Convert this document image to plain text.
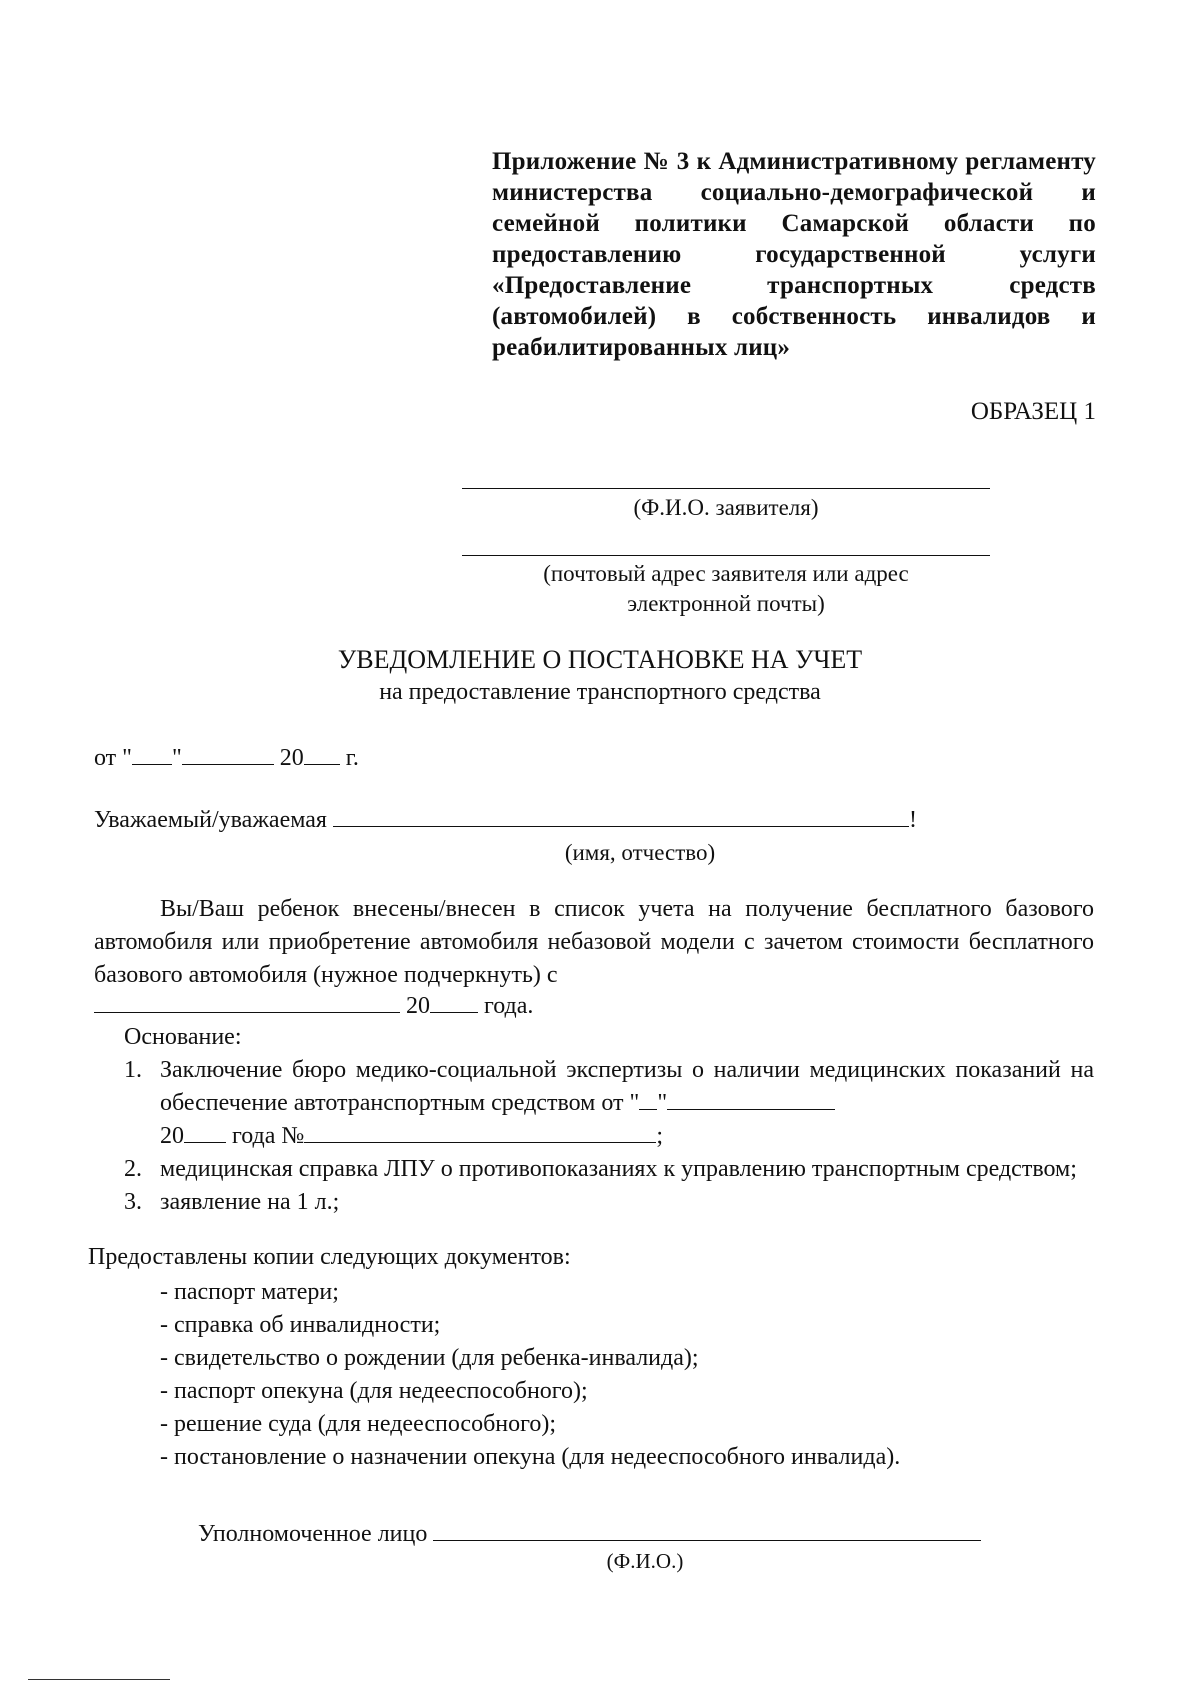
Приложение № 3 к Административному регламенту министерства социально-демографической и семейной политики Самарской области по предоставлению государственной услуги «Предоставление транспортных средств (автомобилей) в собственность инвалидов и реабилитированных лиц»
ОБРАЗЕЦ 1
(Ф.И.О. заявителя)
(почтовый адрес заявителя или адрес
электронной почты)
УВЕДОМЛЕНИЕ О ПОСТАНОВКЕ НА УЧЕТ
на предоставление транспортного средства
от " "	20 г.
Уважаемый/уважаемая	!
(имя, отчество)
Вы/Ваш ребенок внесены/внесен в список учета на получение бесплатного базового автомобиля или приобретение автомобиля небазовой модели с зачетом стоимости бесплатного базового автомобиля (нужное подчеркнуть) с
20 года.
Основание:
1. Заключение бюро медико-социальной экспертизы о наличии медицинских показаний на обеспечение автотранспортным средством от " "
20 года №	;
2. медицинская справка ЛПУ о противопоказаниях к управлению транспортным средством;
3. заявление на 1 л.;
Предоставлены копии следующих документов:
- паспорт матери;
- справка об инвалидности;
- свидетельство о рождении (для ребенка-инвалида);
- паспорт опекуна (для недееспособного);
- решение суда (для недееспособного);
- постановление о назначении опекуна (для недееспособного инвалида).
Уполномоченное лицо
(Ф.И.О.)
